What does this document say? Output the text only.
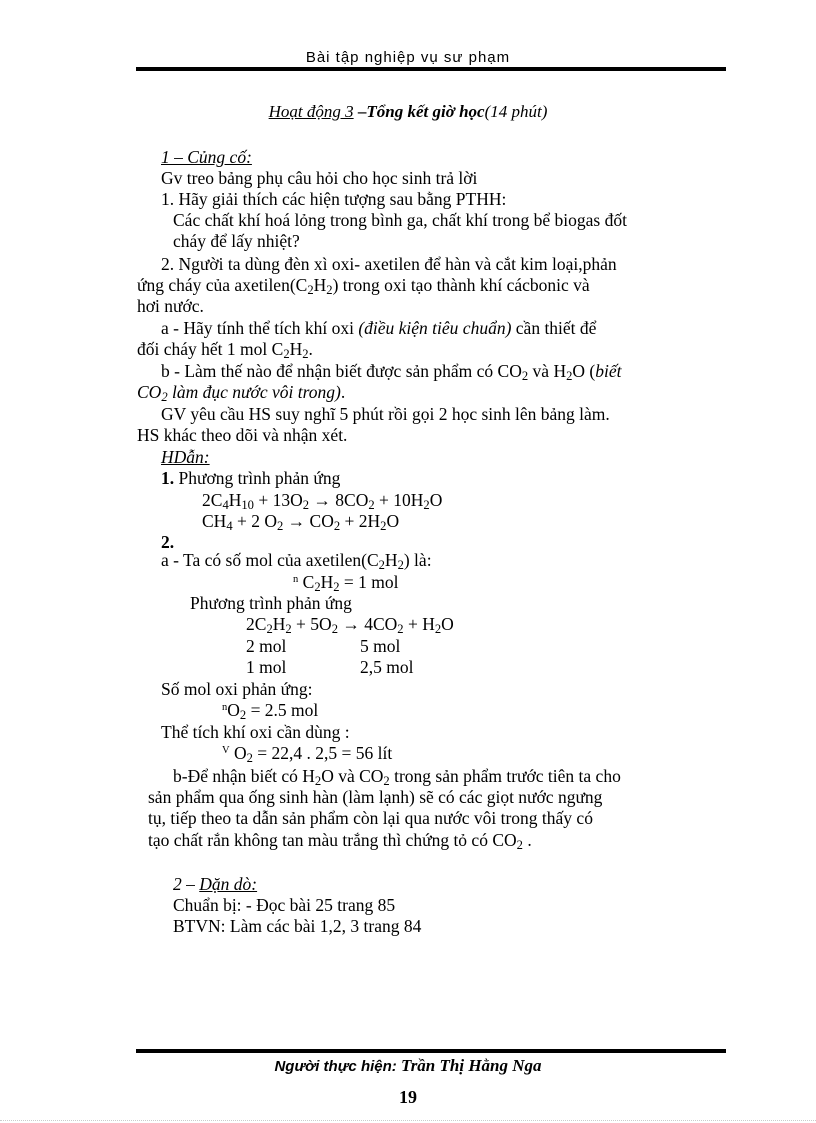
Bài tập nghiệp vụ sư phạm
Hoạt động 3 –Tổng kết giờ học(14 phút)
1 – Củng cố:
Gv treo bảng phụ câu hỏi cho học sinh trả lời
1. Hãy giải thích các hiện tượng sau bằng PTHH:
Các chất khí hoá lỏng trong bình ga, chất khí trong bể biogas đốt
cháy để lấy nhiệt?
2. Người ta dùng đèn xì oxi- axetilen để hàn và cắt kim loại,phản
ứng cháy của $axetilen(C_2H_2)$ trong oxi tạo thành khí cácbonic và
hơi nước.
a - Hãy tính thể tích khí oxi (điều kiện tiêu chuẩn) cần thiết để
đối cháy hết 1 mol $C_2H_2$.
b - Làm thế nào để nhận biết được sản phẩm có $CO_2$ và $H_2O$ (biết
$CO_2$ làm đục nước vôi trong).
GV yêu cầu HS suy nghĩ 5 phút rồi gọi 2 học sinh lên bảng làm.
HS khác theo dõi và nhận xét.
HDẫn:
1. Phương trình phản ứng
$2C_4H_{10} + 13O_2 \to 8CO_2 + 10H_2O$
$CH_4 + 2$ $O_2 \to CO_2 + 2H_2O$
2.
a - Ta có số mol của $axetilen(C_2H_2)$ là:
$^n$ $C_2H_2 = 1$ mol
Phương trình phản ứng
$2C_2H_2 + 5O_2 \to 4CO_2 + H_2O$
2 mol	5 mol
1 mol	2,5 mol
Số mol oxi phản ứng:
$^nO_2 = 2.5$ mol
Thể tích khí oxi cần dùng :
$^V$ $O_2 = 22,4$ . 2,5 = 56 lít
b-Để nhận biết có $H_2O$ và $CO_2$ trong sản phẩm trước tiên ta cho
sản phẩm qua ống sinh hàn (làm lạnh) sẽ có các giọt nước ngưng
tụ, tiếp theo ta dẫn sản phẩm còn lại qua nước vôi trong thấy có
tạo chất rắn không tan màu trắng thì chứng tỏ có $CO_2$ .
2 – Dặn dò:
Chuẩn bị: - Đọc bài 25 trang 85
BTVN: Làm các bài 1,2, 3 trang 84
Người thực hiện: Trần Thị Hằng Nga
19
